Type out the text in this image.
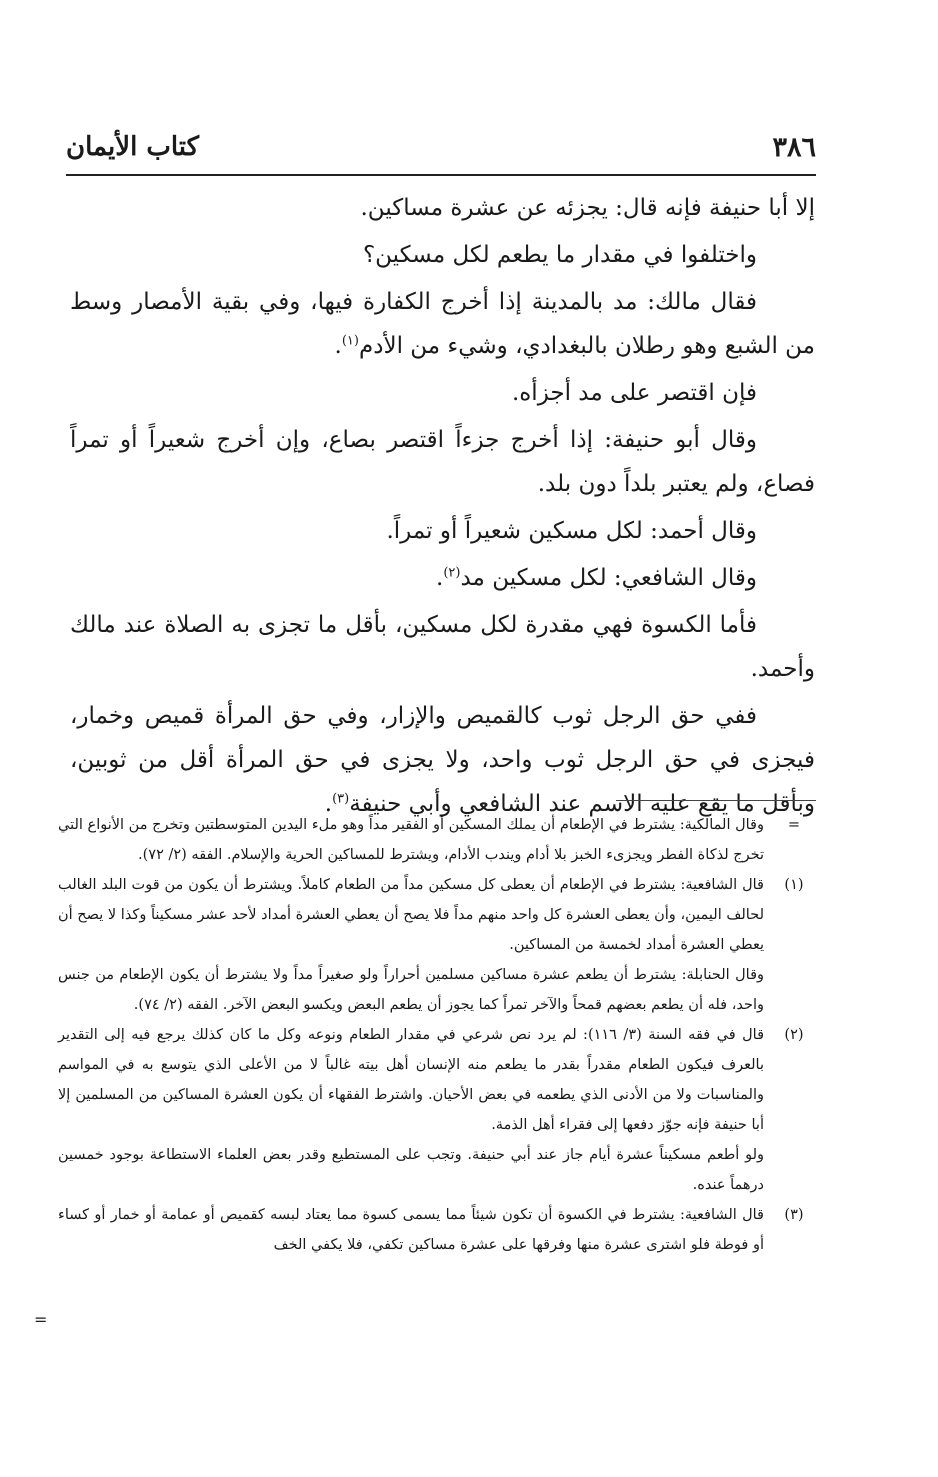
٣٨٦
كتاب الأيمان

إلا أبا حنيفة فإنه قال: يجزئه عن عشرة مساكين.

واختلفوا في مقدار ما يطعم لكل مسكين؟

فقال مالك: مد بالمدينة إذا أخرج الكفارة فيها، وفي بقية الأمصار وسط من الشبع وهو رطلان بالبغدادي، وشيء من الأدم$^{(١)}$.

فإن اقتصر على مد أجزأه.

وقال أبو حنيفة: إذا أخرج جزءاً اقتصر بصاع، وإن أخرج شعيراً أو تمراً فصاع، ولم يعتبر بلداً دون بلد.

وقال أحمد: لكل مسكين شعيراً أو تمراً.

وقال الشافعي: لكل مسكين مد$^{(٢)}$.

فأما الكسوة فهي مقدرة لكل مسكين، بأقل ما تجزى به الصلاة عند مالك وأحمد.

ففي حق الرجل ثوب كالقميص والإزار، وفي حق المرأة قميص وخمار، فيجزى في حق الرجل ثوب واحد، ولا يجزى في حق المرأة أقل من ثوبين، وبأقل ما يقع عليه الاسم عند الشافعي وأبي حنيفة$^{(٣)}$.

=

وقال المالكية: يشترط في الإطعام أن يملك المسكين أو الفقير مداً وهو ملء اليدين المتوسطتين وتخرج من الأنواع التي تخرج لذكاة الفطر ويجزىء الخبز بلا أدام ويندب الأدام، ويشترط للمساكين الحرية والإسلام. الفقه (٢/ ٧٢).

(١)

قال الشافعية: يشترط في الإطعام أن يعطى كل مسكين مداً من الطعام كاملاً. ويشترط أن يكون من قوت البلد الغالب لحالف اليمين، وأن يعطى العشرة كل واحد منهم مداً فلا يصح أن يعطي العشرة أمداد لأحد عشر مسكيناً وكذا لا يصح أن يعطي العشرة أمداد لخمسة من المساكين.

وقال الحنابلة: يشترط أن يطعم عشرة مساكين مسلمين أحراراً ولو صغيراً مداً ولا يشترط أن يكون الإطعام من جنس واحد، فله أن يطعم بعضهم قمحاً والآخر تمراً كما يجوز أن يطعم البعض ويكسو البعض الآخر. الفقه (٢/ ٧٤).

(٢)

قال في فقه السنة (٣/ ١١٦): لم يرد نص شرعي في مقدار الطعام ونوعه وكل ما كان كذلك يرجع فيه إلى التقدير بالعرف فيكون الطعام مقدراً بقدر ما يطعم منه الإنسان أهل بيته غالباً لا من الأعلى الذي يتوسع به في المواسم والمناسبات ولا من الأدنى الذي يطعمه في بعض الأحيان. واشترط الفقهاء أن يكون العشرة المساكين من المسلمين إلا أبا حنيفة فإنه جوّز دفعها إلى فقراء أهل الذمة.

ولو أطعم مسكيناً عشرة أيام جاز عند أبي حنيفة. وتجب على المستطيع وقدر بعض العلماء الاستطاعة بوجود خمسين درهماً عنده.

(٣)

قال الشافعية: يشترط في الكسوة أن تكون شيئاً مما يسمى كسوة مما يعتاد لبسه كقميص أو عمامة أو خمار أو كساء أو فوطة فلو اشترى عشرة منها وفرقها على عشرة مساكين تكفي، فلا يكفي الخف

=
